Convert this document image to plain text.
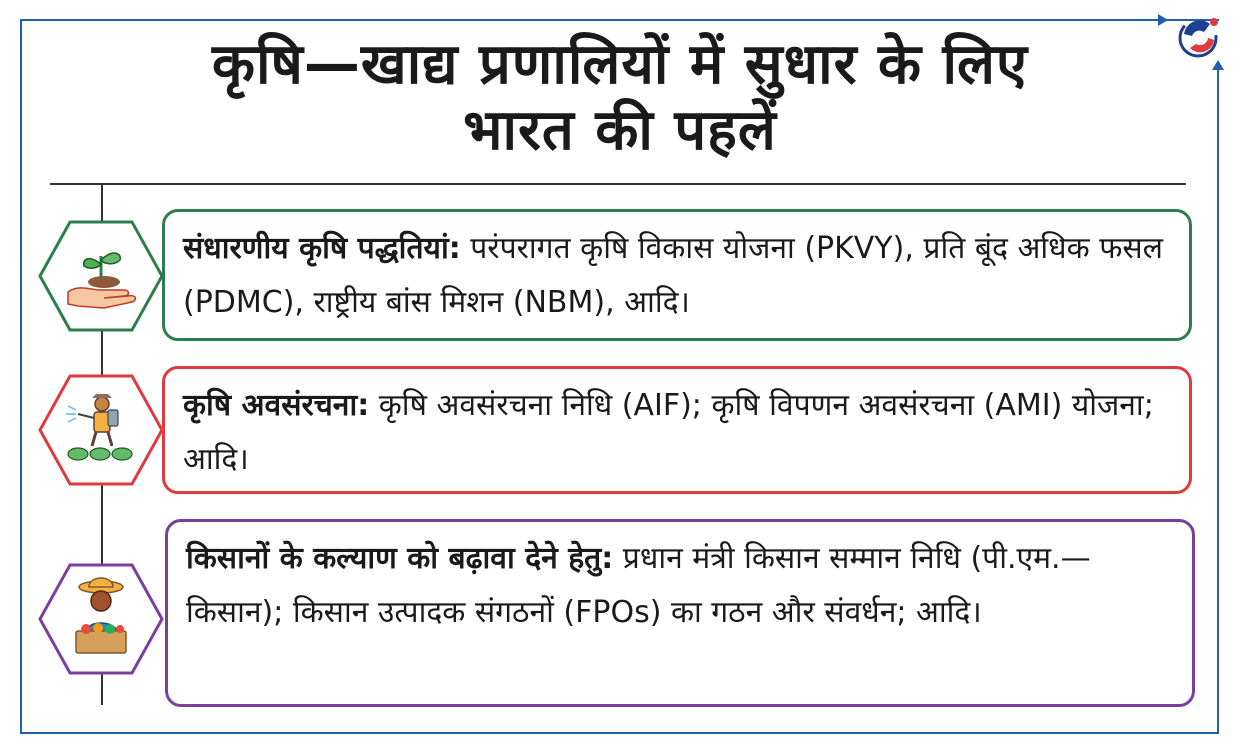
कृषि—खाद्य प्रणालियों में सुधार के लिए
भारत की पहलें
संधारणीय कृषि पद्धतियां: परंपरागत कृषि विकास योजना (PKVY), प्रति बूंद अधिक फसल (PDMC), राष्ट्रीय बांस मिशन (NBM), आदि।
कृषि अवसंरचना: कृषि अवसंरचना निधि (AIF); कृषि विपणन अवसंरचना (AMI) योजना; आदि।
किसानों के कल्याण को बढ़ावा देने हेतु: प्रधान मंत्री किसान सम्मान निधि (पी.एम.—किसान); किसान उत्पादक संगठनों (FPOs) का गठन और संवर्धन; आदि।
